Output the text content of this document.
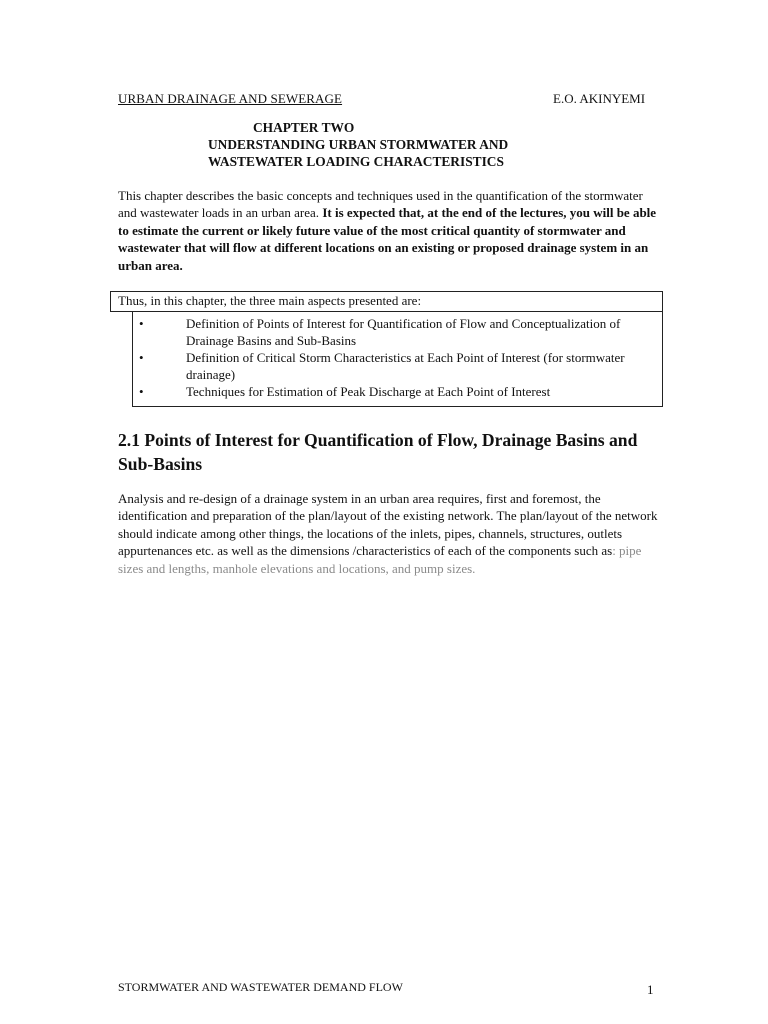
URBAN DRAINAGE AND SEWERAGE	E.O. AKINYEMI
CHAPTER TWO
UNDERSTANDING URBAN STORMWATER AND
WASTEWATER LOADING CHARACTERISTICS

This chapter describes the basic concepts and techniques used in the quantification of the stormwater and wastewater loads in an urban area. It is expected that, at the end of the lectures, you will be able to estimate the current or likely future value of the most critical quantity of stormwater and wastewater that will flow at different locations on an existing or proposed drainage system in an urban area.

Thus, in this chapter, the three main aspects presented are:
•	Definition of Points of Interest for Quantification of Flow and Conceptualization of Drainage Basins and Sub-Basins
•	Definition of Critical Storm Characteristics at Each Point of Interest (for stormwater drainage)
•	Techniques for Estimation of Peak Discharge at Each Point of Interest
2.1 Points of Interest for Quantification of Flow, Drainage Basins and Sub-Basins

Analysis and re-design of a drainage system in an urban area requires, first and foremost, the identification and preparation of the plan/layout of the existing network. The plan/layout of the network should indicate among other things, the locations of the inlets, pipes, channels, structures, outlets appurtenances etc. as well as the dimensions /characteristics of each of the components such as: pipe sizes and lengths, manhole elevations and locations, and pump sizes.

STORMWATER AND WASTEWATER DEMAND FLOW	1
